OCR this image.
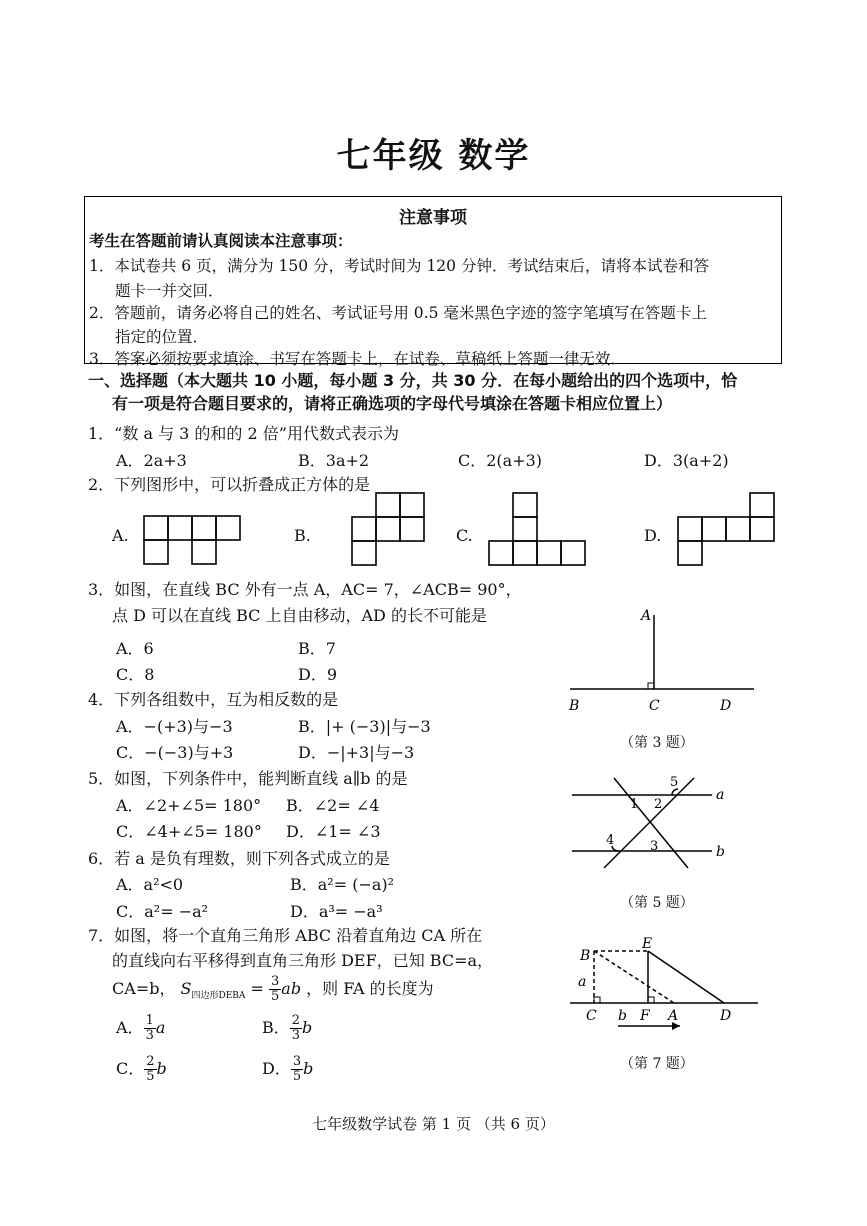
七年级 数学
注意事项
考生在答题前请认真阅读本注意事项：
1．本试卷共 6 页，满分为 150 分，考试时间为 120 分钟．考试结束后，请将本试卷和答
题卡一并交回．
2．答题前，请务必将自己的姓名、考试证号用 0.5 毫米黑色字迹的签字笔填写在答题卡上
指定的位置．
3．答案必须按要求填涂、书写在答题卡上，在试卷、草稿纸上答题一律无效．
一、选择题（本大题共 10 小题，每小题 3 分，共 30 分．在每小题给出的四个选项中，恰
有一项是符合题目要求的，请将正确选项的字母代号填涂在答题卡相应位置上）
1．“数 a 与 3 的和的 2 倍”用代数式表示为
A．2a+3	B．3a+2	C．2(a+3)	D．3(a+2)
2．下列图形中，可以折叠成正方体的是
A.	B.	C.	D.
3．如图，在直线 BC 外有一点 A，AC= 7，∠ACB= 90°，
点 D 可以在直线 BC 上自由移动，AD 的长不可能是
A．6	B．7
C．8	D．9
A
B	C	D
（第 3 题）
4．下列各组数中，互为相反数的是
A．−(+3)与−3	B．|+ (−3)|与−3
C．−(−3)与+3	D．−|+3|与−3
5．如图，下列条件中，能判断直线 a∥b 的是
A．∠2+∠5= 180° B．∠2= ∠4
C．∠4+∠5= 180° D．∠1= ∠3
1 2
3
4
5
a
b
（第 5 题）
6．若 a 是负有理数，则下列各式成立的是
A．a²<0	B．a²= (−a)²
C．a²= −a²	D．a³= −a³
7．如图，将一个直角三角形 ABC 沿着直角边 CA 所在
的直线向右平移得到直角三角形 DEF，已知 BC=a，
CA=b， $S_{四边形DEBA} = \frac{3}{5}$ ab ，则 FA 的长度为
A． $\frac{1}{3}$ a	B． $\frac{2}{3}$ b
C． $\frac{2}{5}$ b	D． $\frac{3}{5}$ b
B
E
a
C b F A	D
（第 7 题）
七年级数学试卷 第 1 页 （共 6 页）
